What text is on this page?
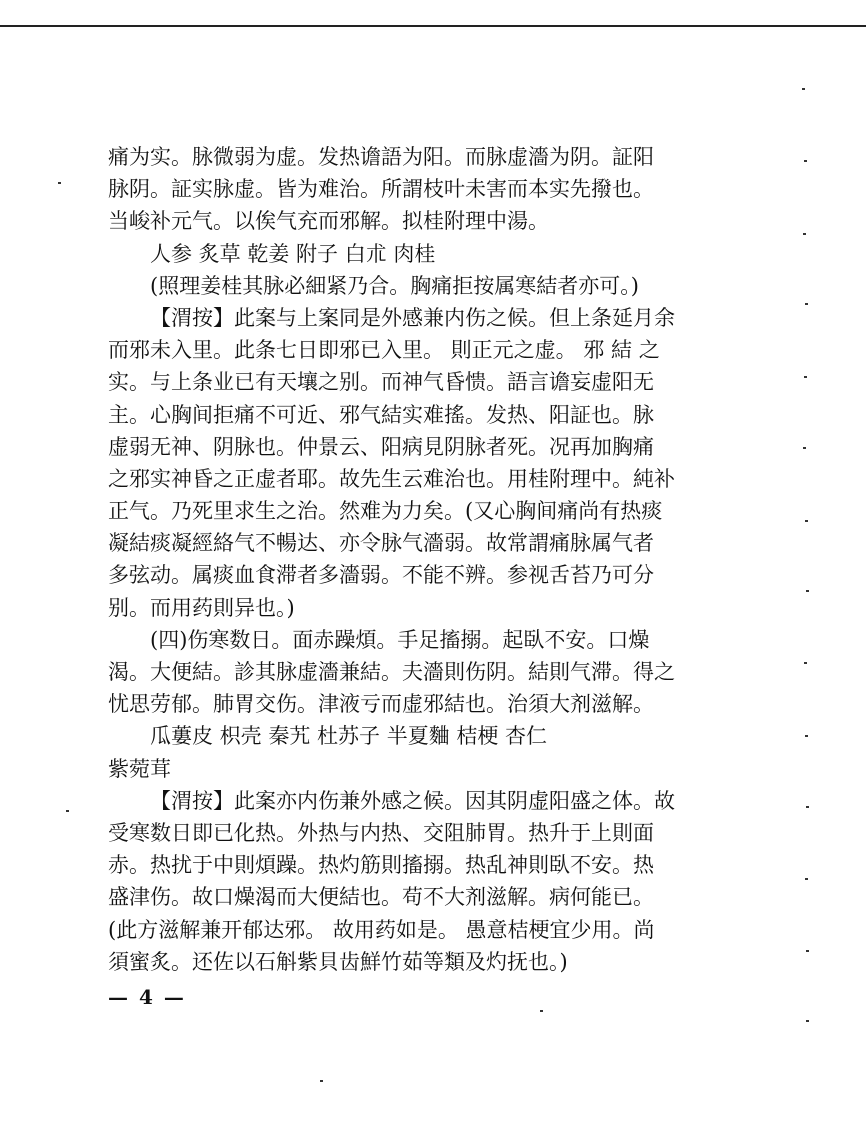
痛为实。脉微弱为虚。发热谵語为阳。而脉虚濇为阴。証阳
脉阴。証实脉虚。皆为难治。所謂枝叶未害而本实先撥也。
当峻补元气。以俟气充而邪解。拟桂附理中湯。
人参 炙草 乾姜 附子 白朮 肉桂
(照理姜桂其脉必細紧乃合。胸痛拒按属寒結者亦可。)
【渭按】此案与上案同是外感兼内伤之候。但上条延月余
而邪未入里。此条七日即邪已入里。 則正元之虚。 邪 結 之
实。与上条业已有天壤之别。而神气昏愦。語言谵妄虚阳无
主。心胸间拒痛不可近、邪气結实难搖。发热、阳証也。脉
虚弱无神、阴脉也。仲景云、阳病見阴脉者死。况再加胸痛
之邪实神昏之正虚者耶。故先生云难治也。用桂附理中。純补
正气。乃死里求生之治。然难为力矣。(又心胸间痛尚有热痰
凝結痰凝經絡气不暢达、亦令脉气濇弱。故常謂痛脉属气者
多弦动。属痰血食滞者多濇弱。不能不辨。参视舌苔乃可分
别。而用药則异也。)
(四)伤寒数日。面赤躁煩。手足搐搦。起臥不安。口燥
渴。大便結。診其脉虚濇兼結。夫濇則伤阴。結則气滞。得之
忧思劳郁。肺胃交伤。津液亏而虚邪結也。治須大剂滋解。
瓜蔞皮 枳壳 秦艽 杜苏子 半夏麯 桔梗 杏仁
紫菀茸
【渭按】此案亦内伤兼外感之候。因其阴虚阳盛之体。故
受寒数日即已化热。外热与内热、交阻肺胃。热升于上則面
赤。热扰于中則煩躁。热灼筋則搐搦。热乱神則臥不安。热
盛津伤。故口燥渴而大便結也。苟不大剂滋解。病何能已。
(此方滋解兼开郁达邪。 故用药如是。 愚意桔梗宜少用。尚
須蜜炙。还佐以石斛紫貝齿鮮竹茹等類及灼抚也。)
— 4 —
